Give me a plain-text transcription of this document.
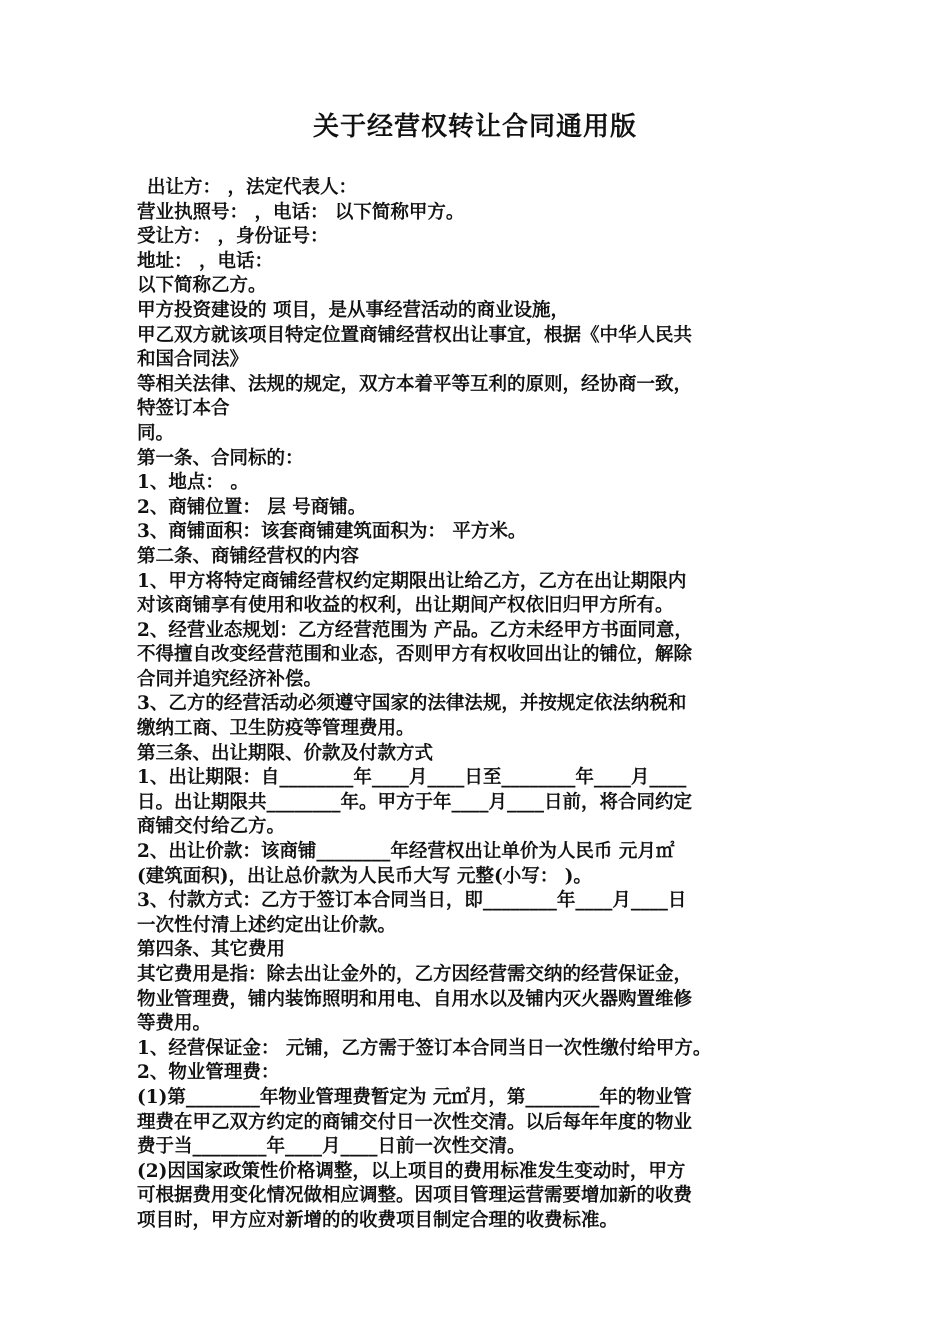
关于经营权转让合同通用版
出让方： ，法定代表人：
营业执照号： ，电话： 以下简称甲方。
受让方： ，身份证号：
地址： ，电话：
以下简称乙方。
甲方投资建设的 项目，是从事经营活动的商业设施，
甲乙双方就该项目特定位置商铺经营权出让事宜，根据《中华人民共
和国合同法》
等相关法律、法规的规定，双方本着平等互利的原则，经协商一致，
特签订本合
同。
第一条、合同标的：
1、地点： 。
2、商铺位置： 层 号商铺。
3、商铺面积：该套商铺建筑面积为： 平方米。
第二条、商铺经营权的内容
1、甲方将特定商铺经营权约定期限出让给乙方，乙方在出让期限内
对该商铺享有使用和收益的权利，出让期间产权依旧归甲方所有。
2、经营业态规划：乙方经营范围为 产品。乙方未经甲方书面同意，
不得擅自改变经营范围和业态，否则甲方有权收回出让的铺位，解除
合同并追究经济补偿。
3、乙方的经营活动必须遵守国家的法律法规，并按规定依法纳税和
缴纳工商、卫生防疫等管理费用。
第三条、出让期限、价款及付款方式
1、出让期限：自________年____月____日至________年____月____
日。出让期限共________年。甲方于年____月____日前，将合同约定
商铺交付给乙方。
2、出让价款：该商铺________年经营权出让单价为人民币 元月㎡
(建筑面积)，出让总价款为人民币大写 元整(小写： )。
3、付款方式：乙方于签订本合同当日，即________年____月____日
一次性付清上述约定出让价款。
第四条、其它费用
其它费用是指：除去出让金外的，乙方因经营需交纳的经营保证金，
物业管理费，铺内装饰照明和用电、自用水以及铺内灭火器购置维修
等费用。
1、经营保证金： 元铺，乙方需于签订本合同当日一次性缴付给甲方。
2、物业管理费：
(1)第________年物业管理费暂定为 元㎡月，第________年的物业管
理费在甲乙双方约定的商铺交付日一次性交清。以后每年年度的物业
费于当________年____月____日前一次性交清。
(2)因国家政策性价格调整，以上项目的费用标准发生变动时，甲方
可根据费用变化情况做相应调整。因项目管理运营需要增加新的收费
项目时，甲方应对新增的的收费项目制定合理的收费标准。
